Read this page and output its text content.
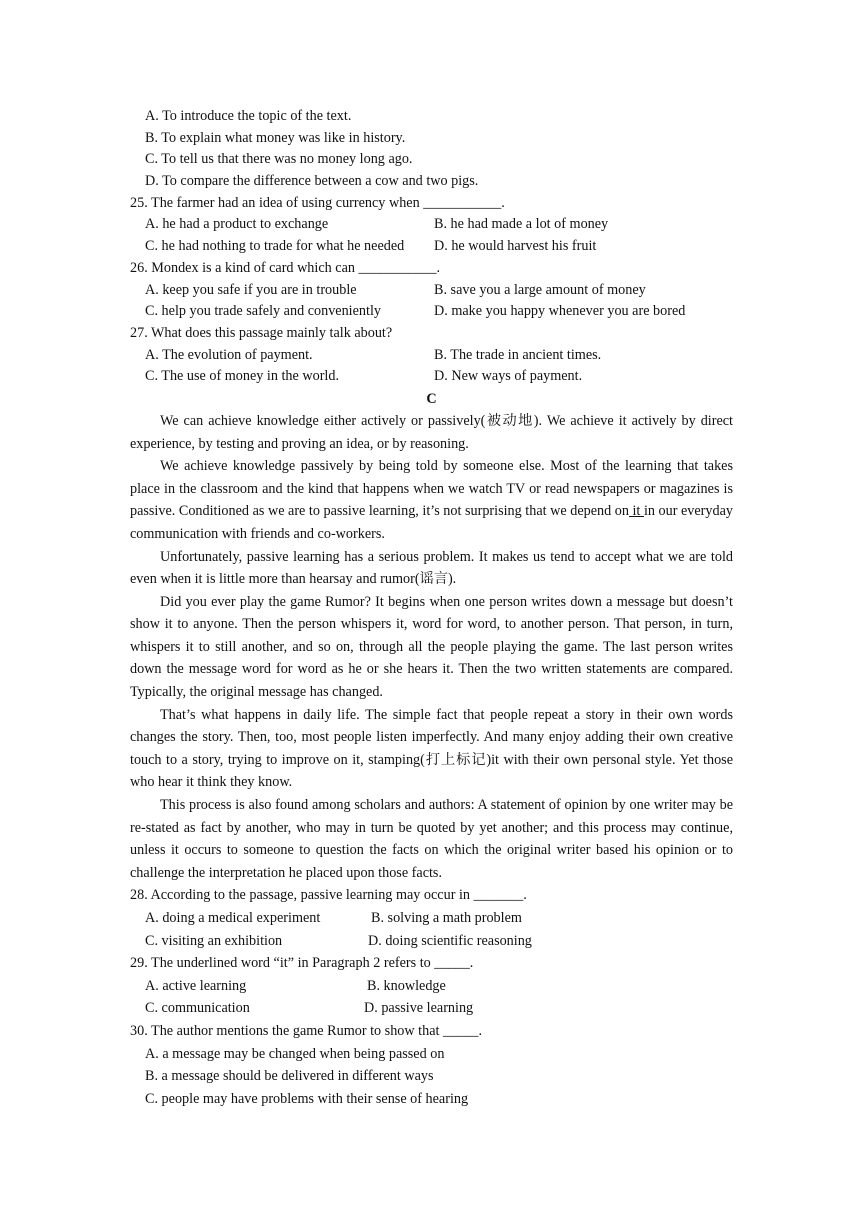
A. To introduce the topic of the text.
B. To explain what money was like in history.
C. To tell us that there was no money long ago.
D. To compare the difference between a cow and two pigs.
25. The farmer had an idea of using currency when ___________.
A. he had a product to exchange	B. he had made a lot of money
C. he had nothing to trade for what he needed	D. he would harvest his fruit
26. Mondex is a kind of card which can ___________.
A. keep you safe if you are in trouble	B. save you a large amount of money
C. help you trade safely and conveniently	D. make you happy whenever you are bored
27. What does this passage mainly talk about?
A. The evolution of payment.	B. The trade in ancient times.
C. The use of money in the world.	D. New ways of payment.
C

We can achieve knowledge either actively or passively(被动地). We achieve it actively by direct experience, by testing and proving an idea, or by reasoning.

We achieve knowledge passively by being told by someone else. Most of the learning that takes place in the classroom and the kind that happens when we watch TV or read newspapers or magazines is passive. Conditioned as we are to passive learning, it’s not surprising that we depend on it in our everyday communication with friends and co-workers.

Unfortunately, passive learning has a serious problem. It makes us tend to accept what we are told even when it is little more than hearsay and rumor(谣言).

Did you ever play the game Rumor? It begins when one person writes down a message but doesn’t show it to anyone. Then the person whispers it, word for word, to another person. That person, in turn, whispers it to still another, and so on, through all the people playing the game. The last person writes down the message word for word as he or she hears it. Then the two written statements are compared. Typically, the original message has changed.

That’s what happens in daily life. The simple fact that people repeat a story in their own words changes the story. Then, too, most people listen imperfectly. And many enjoy adding their own creative touch to a story, trying to improve on it, stamping(打上标记)it with their own personal style. Yet those who hear it think they know.

This process is also found among scholars and authors: A statement of opinion by one writer may be re-stated as fact by another, who may in turn be quoted by yet another; and this process may continue, unless it occurs to someone to question the facts on which the original writer based his opinion or to challenge the interpretation he placed upon those facts.

28. According to the passage, passive learning may occur in _______.
A. doing a medical experiment	B. solving a math problem
C. visiting an exhibition	D. doing scientific reasoning
29. The underlined word “it” in Paragraph 2 refers to _____.
A. active learning	B. knowledge
C. communication	D. passive learning
30. The author mentions the game Rumor to show that _____.
A. a message may be changed when being passed on
B. a message should be delivered in different ways
C. people may have problems with their sense of hearing
